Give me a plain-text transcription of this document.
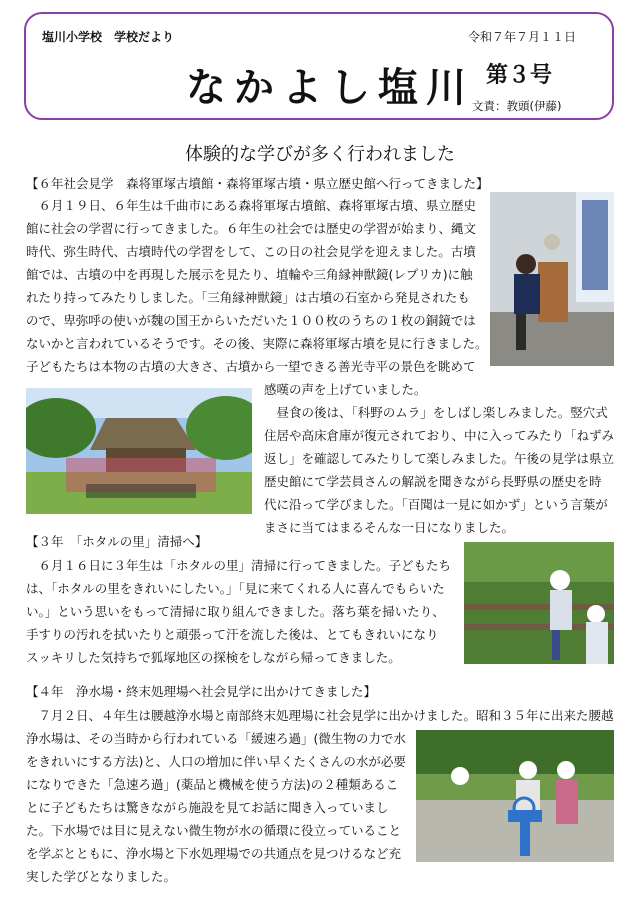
塩川小学校　学校だより	令和７年７月１１日
なかよし塩川 第３号
文責：教頭(伊藤)
体験的な学びが多く行われました
【６年社会見学　森将軍塚古墳館・森将軍塚古墳・県立歴史館へ行ってきました】

　６月１９日、６年生は千曲市にある森将軍塚古墳館、森将軍塚古墳、県立歴史

館に社会の学習に行ってきました。６年生の社会では歴史の学習が始まり、縄文

時代、弥生時代、古墳時代の学習をして、この日の社会見学を迎えました。古墳

館では、古墳の中を再現した展示を見たり、埴輪や三角縁神獣鏡(レプリカ)に触

れたり持ってみたりしました。「三角縁神獣鏡」は古墳の石室から発見されたも

ので、卑弥呼の使いが魏の国王からいただいた１００枚のうちの１枚の銅鏡では

ないかと言われているそうです。その後、実際に森将軍塚古墳を見に行きました。

子どもたちは本物の古墳の大きさ、古墳から一望できる善光寺平の景色を眺めて

感嘆の声を上げていました。

　昼食の後は、「科野のムラ」をしばし楽しみました。竪穴式

住居や高床倉庫が復元されており、中に入ってみたり「ねずみ

返し」を確認してみたりして楽しみました。午後の見学は県立

歴史館にて学芸員さんの解説を聞きながら長野県の歴史を時

代に沿って学びました。「百聞は一見に如かず」という言葉が

まさに当てはまるそんな一日になりました。

【３年　「ホタルの里」清掃へ】

　６月１６日に３年生は「ホタルの里」清掃に行ってきました。子どもたち

は、「ホタルの里をきれいにしたい。」「見に来てくれる人に喜んでもらいた

い。」という思いをもって清掃に取り組んできました。落ち葉を掃いたり、

手すりの汚れを拭いたりと頑張って汗を流した後は、とてもきれいになり

スッキリした気持ちで狐塚地区の探検をしながら帰ってきました。

【４年　浄水場・終末処理場へ社会見学に出かけてきました】

　７月２日、４年生は腰越浄水場と南部終末処理場に社会見学に出かけました。昭和３５年に出来た腰越

浄水場は、その当時から行われている「緩速ろ過」(微生物の力で水

をきれいにする方法)と、人口の増加に伴い早くたくさんの水が必要

になりできた「急速ろ過」(薬品と機械を使う方法)の２種類あるこ

とに子どもたちは驚きながら施設を見てお話に聞き入っていまし

た。下水場では目に見えない微生物が水の循環に役立っていること

を学ぶとともに、浄水場と下水処理場での共通点を見つけるなど充

実した学びとなりました。
